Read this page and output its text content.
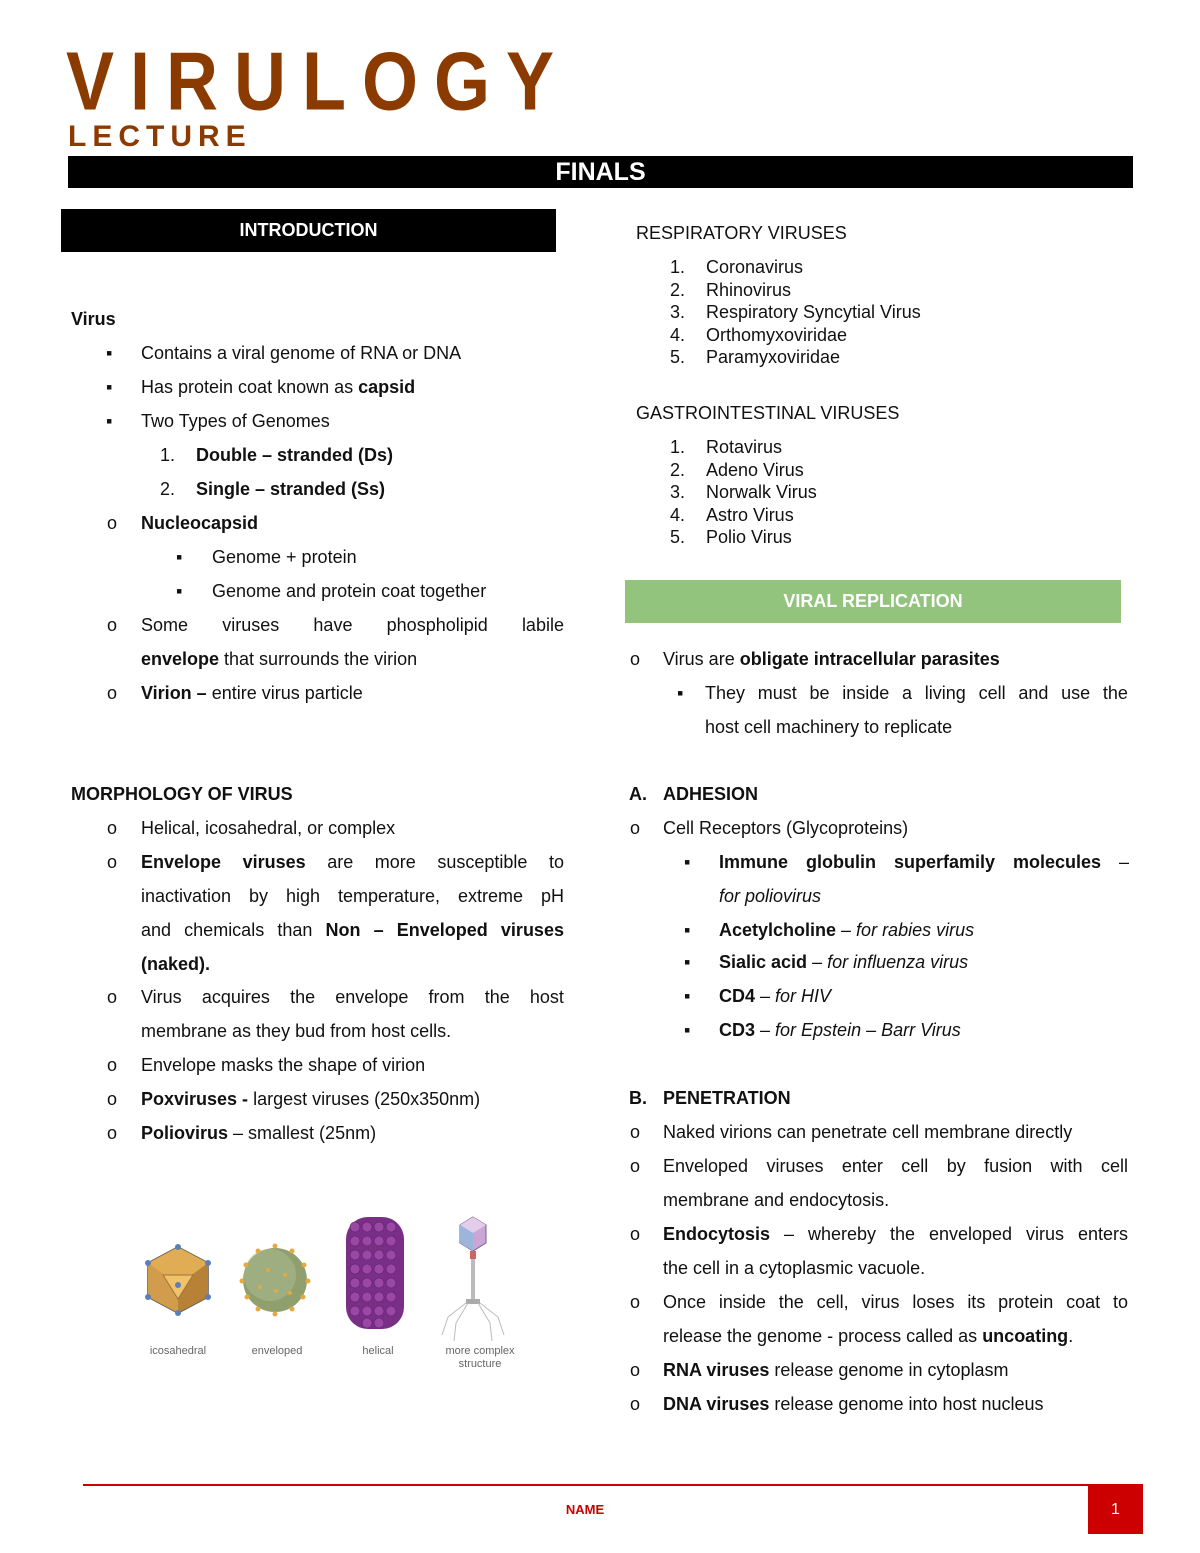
VIRULOGY
LECTURE
FINALS
INTRODUCTION
Virus
▪ Contains a viral genome of RNA or DNA
▪ Has protein coat known as capsid
▪ Two Types of Genomes
1. Double – stranded (Ds)
2. Single – stranded (Ss)
o Nucleocapsid
▪ Genome + protein
▪ Genome and protein coat together
o Some viruses have phospholipid labile
envelope that surrounds the virion
o Virion – entire virus particle
MORPHOLOGY OF VIRUS
o Helical, icosahedral, or complex
o Envelope viruses are more susceptible to
inactivation by high temperature, extreme pH
and chemicals than Non – Enveloped viruses
(naked).
o Virus acquires the envelope from the host
membrane as they bud from host cells.
o Envelope masks the shape of virion
o Poxviruses - largest viruses (250x350nm)
o Poliovirus – smallest (25nm)
icosahedral	enveloped	helical	more complex
structure
RESPIRATORY VIRUSES
1. Coronavirus
2. Rhinovirus
3. Respiratory Syncytial Virus
4. Orthomyxoviridae
5. Paramyxoviridae
GASTROINTESTINAL VIRUSES
1. Rotavirus
2. Adeno Virus
3. Norwalk Virus
4. Astro Virus
5. Polio Virus
VIRAL REPLICATION
o Virus are obligate intracellular parasites
▪ They must be inside a living cell and use the
host cell machinery to replicate
A. ADHESION
o Cell Receptors (Glycoproteins)
▪ Immune globulin superfamily molecules –
for poliovirus
▪ Acetylcholine – for rabies virus
▪ Sialic acid – for influenza virus
▪ CD4 – for HIV
▪ CD3 – for Epstein – Barr Virus
B. PENETRATION
o Naked virions can penetrate cell membrane directly
o Enveloped viruses enter cell by fusion with cell
membrane and endocytosis.
o Endocytosis – whereby the enveloped virus enters
the cell in a cytoplasmic vacuole.
o Once inside the cell, virus loses its protein coat to
release the genome - process called as uncoating.
o RNA viruses release genome in cytoplasm
o DNA viruses release genome into host nucleus
NAME	1
